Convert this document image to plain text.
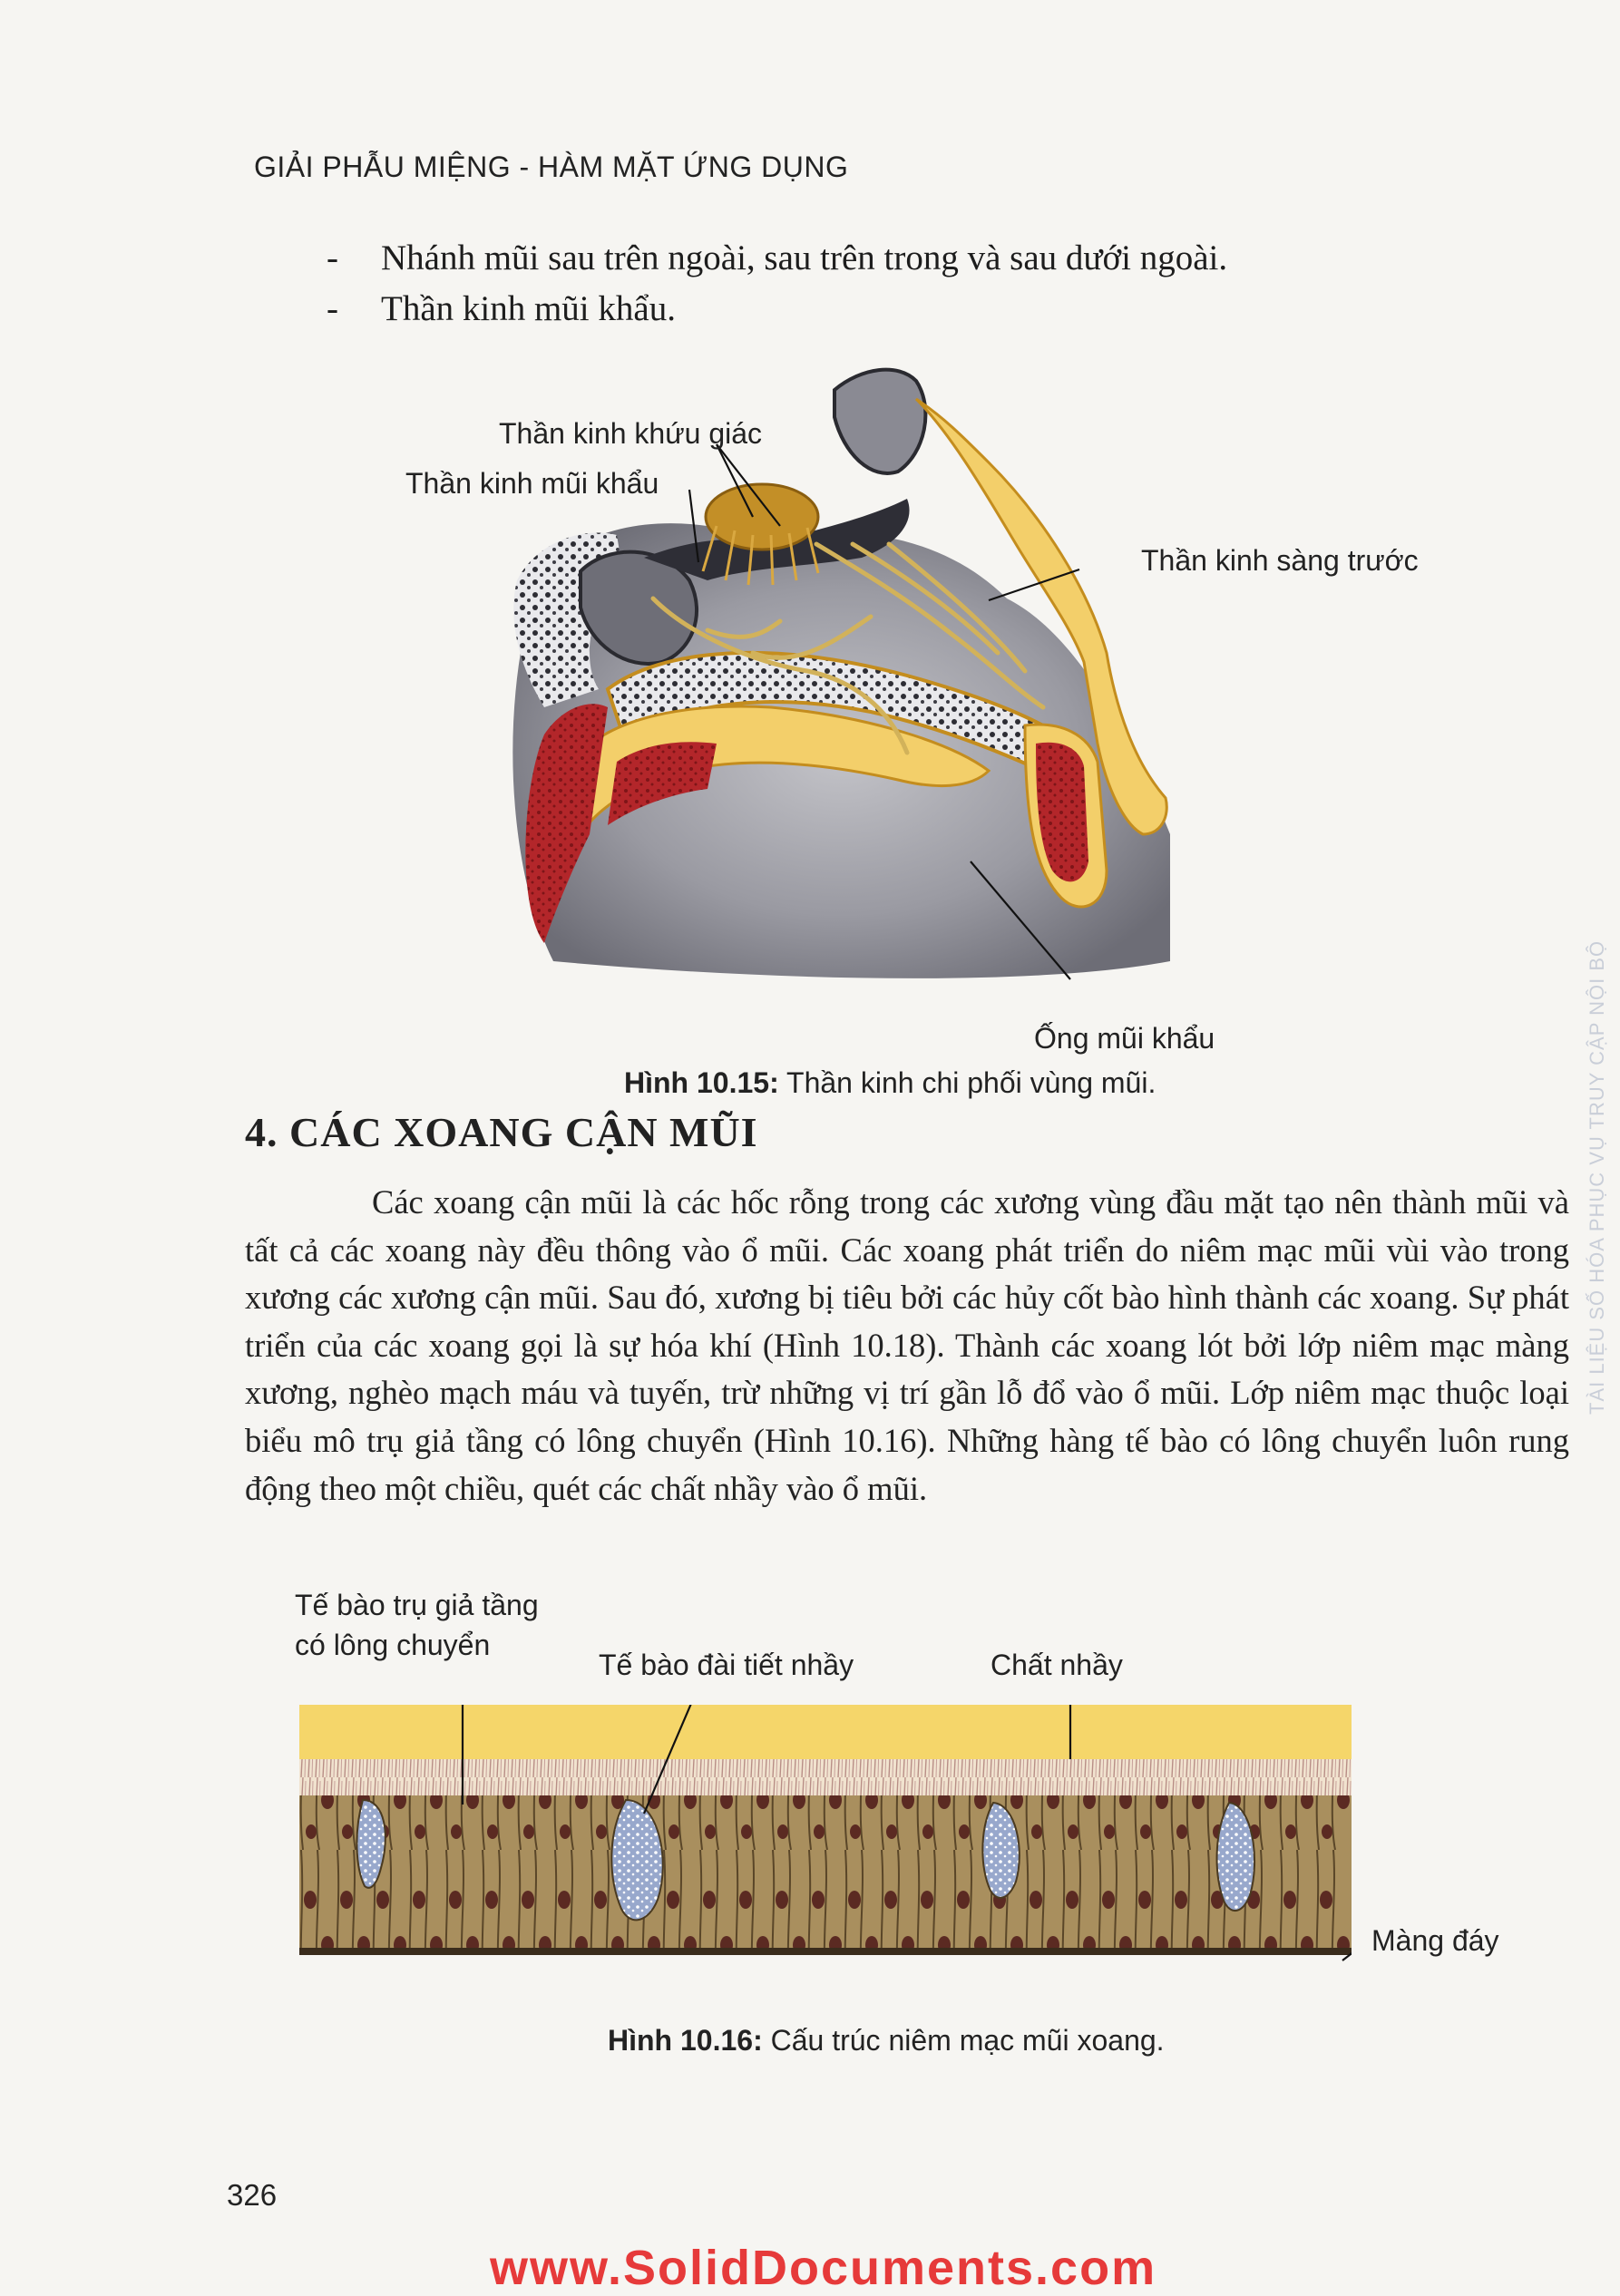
GIẢI PHẪU MIỆNG - HÀM MẶT ỨNG DỤNG
- Nhánh mũi sau trên ngoài, sau trên trong và sau dưới ngoài.
- Thần kinh mũi khẩu.
Thần kinh khứu giác
Thần kinh mũi khẩu
Thần kinh sàng trước
Ống mũi khẩu
Hình 10.15: Thần kinh chi phối vùng mũi.
4. CÁC XOANG CẬN MŨI
Các xoang cận mũi là các hốc rỗng trong các xương vùng đầu mặt tạo nên thành mũi và tất cả các xoang này đều thông vào ổ mũi. Các xoang phát triển do niêm mạc mũi vùi vào trong xương các xương cận mũi. Sau đó, xương bị tiêu bởi các hủy cốt bào hình thành các xoang. Sự phát triển của các xoang gọi là sự hóa khí (Hình 10.18). Thành các xoang lót bởi lớp niêm mạc màng xương, nghèo mạch máu và tuyến, trừ những vị trí gần lỗ đổ vào ổ mũi. Lớp niêm mạc thuộc loại biểu mô trụ giả tầng có lông chuyển (Hình 10.16). Những hàng tế bào có lông chuyển luôn rung động theo một chiều, quét các chất nhầy vào ổ mũi.
Tế bào trụ giả tầng
có lông chuyển
Tế bào đài tiết nhầy	Chất nhầy
Màng đáy
Hình 10.16: Cấu trúc niêm mạc mũi xoang.
326
TÀI LIỆU SỐ HÓA PHỤC VỤ TRUY CẬP NỘI BỘ
www.SolidDocuments.com
